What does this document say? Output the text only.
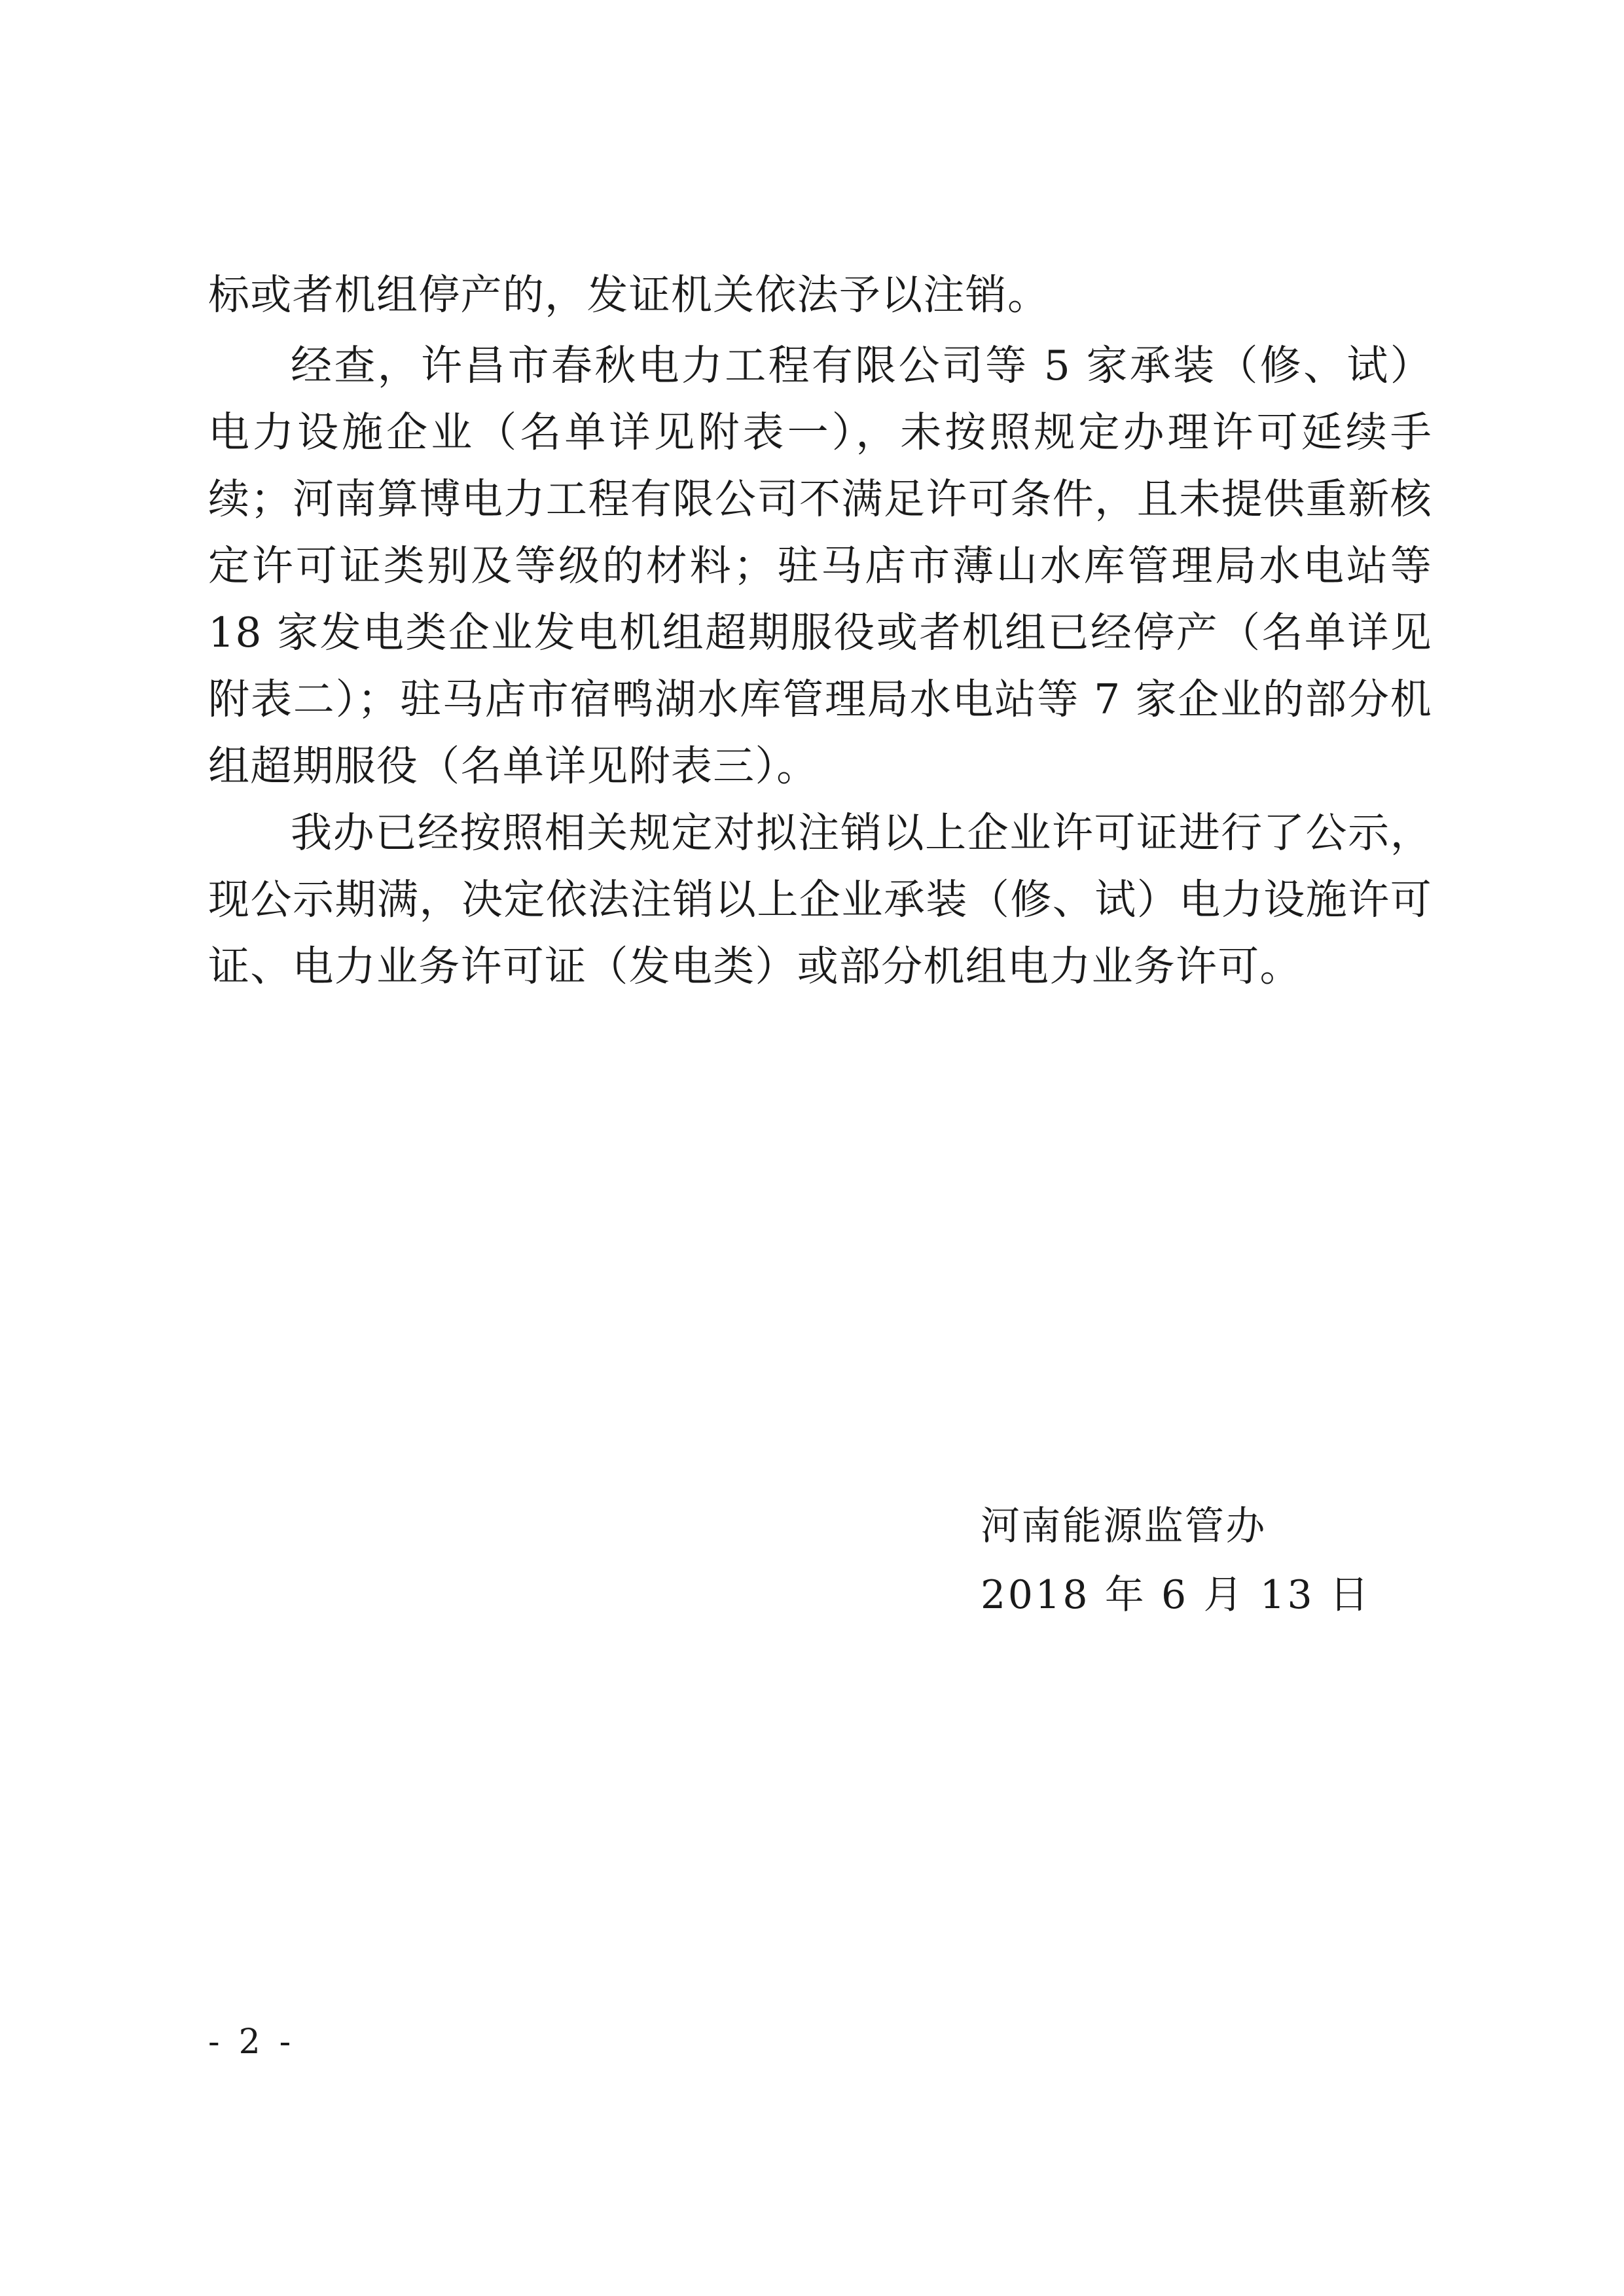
标或者机组停产的，发证机关依法予以注销。

经查，许昌市春秋电力工程有限公司等 5 家承装（修、试）电力设施企业（名单详见附表一），未按照规定办理许可延续手续；河南算博电力工程有限公司不满足许可条件，且未提供重新核定许可证类别及等级的材料；驻马店市薄山水库管理局水电站等 18 家发电类企业发电机组超期服役或者机组已经停产（名单详见附表二）；驻马店市宿鸭湖水库管理局水电站等 7 家企业的部分机组超期服役（名单详见附表三）。

我办已经按照相关规定对拟注销以上企业许可证进行了公示，现公示期满，决定依法注销以上企业承装（修、试）电力设施许可证、电力业务许可证（发电类）或部分机组电力业务许可。

河南能源监管办
2018 年 6 月 13 日
- 2 -
